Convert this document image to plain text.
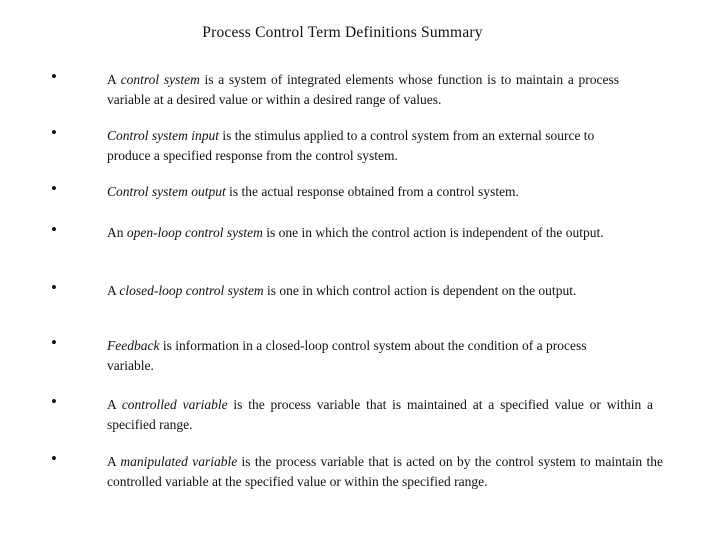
Process Control Term Definitions Summary
•	A control system is a system of integrated elements whose function is to maintain a process variable at a desired value or within a desired range of values.
•	Control system input is the stimulus applied to a control system from an external source to produce a specified response from the control system.
•	Control system output is the actual response obtained from a control system.
•	An open-loop control system is one in which the control action is independent of the output.
•	A closed-loop control system is one in which control action is dependent on the output.
•	Feedback is information in a closed-loop control system about the condition of a process variable.
•	A controlled variable is the process variable that is maintained at a specified value or within a specified range.
•	A manipulated variable is the process variable that is acted on by the control system to maintain the controlled variable at the specified value or within the specified range.
